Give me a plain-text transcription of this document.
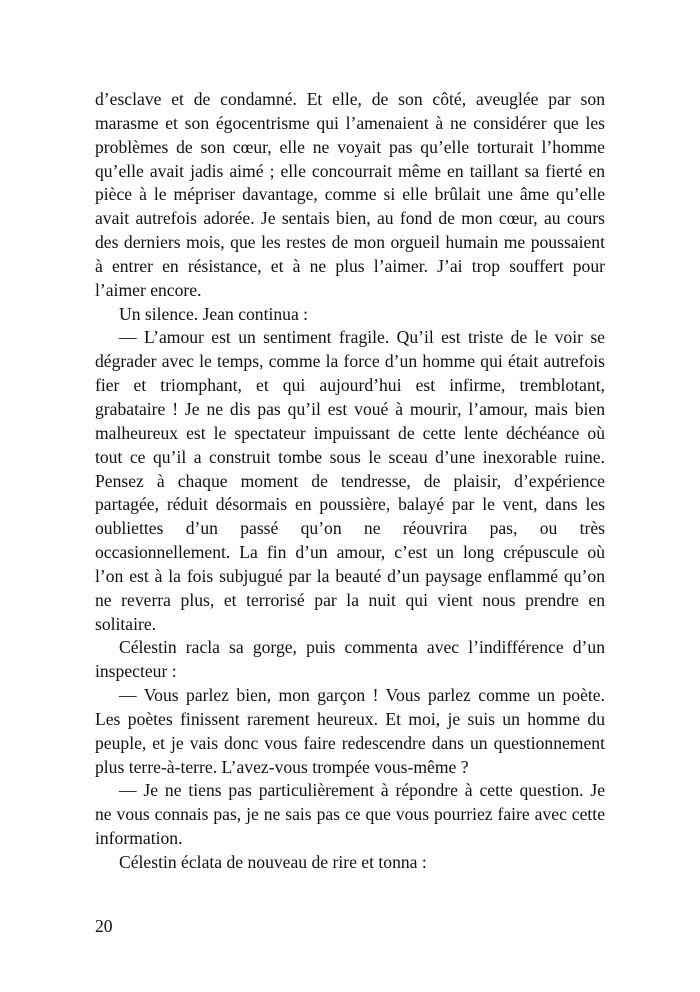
d’esclave et de condamné. Et elle, de son côté, aveuglée par son
marasme et son égocentrisme qui l’amenaient à ne considérer que les
problèmes de son cœur, elle ne voyait pas qu’elle torturait l’homme
qu’elle avait jadis aimé ; elle concourrait même en taillant sa fierté en
pièce à le mépriser davantage, comme si elle brûlait une âme qu’elle
avait autrefois adorée. Je sentais bien, au fond de mon cœur, au cours
des derniers mois, que les restes de mon orgueil humain me poussaient
à entrer en résistance, et à ne plus l’aimer. J’ai trop souffert pour
l’aimer encore.
Un silence. Jean continua :
— L’amour est un sentiment fragile. Qu’il est triste de le voir se
dégrader avec le temps, comme la force d’un homme qui était autrefois
fier et triomphant, et qui aujourd’hui est infirme, tremblotant,
grabataire ! Je ne dis pas qu’il est voué à mourir, l’amour, mais bien
malheureux est le spectateur impuissant de cette lente déchéance où
tout ce qu’il a construit tombe sous le sceau d’une inexorable ruine.
Pensez à chaque moment de tendresse, de plaisir, d’expérience
partagée, réduit désormais en poussière, balayé par le vent, dans les
oubliettes d’un passé qu’on ne réouvrira pas, ou très
occasionnellement. La fin d’un amour, c’est un long crépuscule où
l’on est à la fois subjugué par la beauté d’un paysage enflammé qu’on
ne reverra plus, et terrorisé par la nuit qui vient nous prendre en
solitaire.
Célestin racla sa gorge, puis commenta avec l’indifférence d’un
inspecteur :
— Vous parlez bien, mon garçon ! Vous parlez comme un poète.
Les poètes finissent rarement heureux. Et moi, je suis un homme du
peuple, et je vais donc vous faire redescendre dans un questionnement
plus terre-à-terre. L’avez-vous trompée vous-même ?
— Je ne tiens pas particulièrement à répondre à cette question. Je
ne vous connais pas, je ne sais pas ce que vous pourriez faire avec cette
information.
Célestin éclata de nouveau de rire et tonna :
20
